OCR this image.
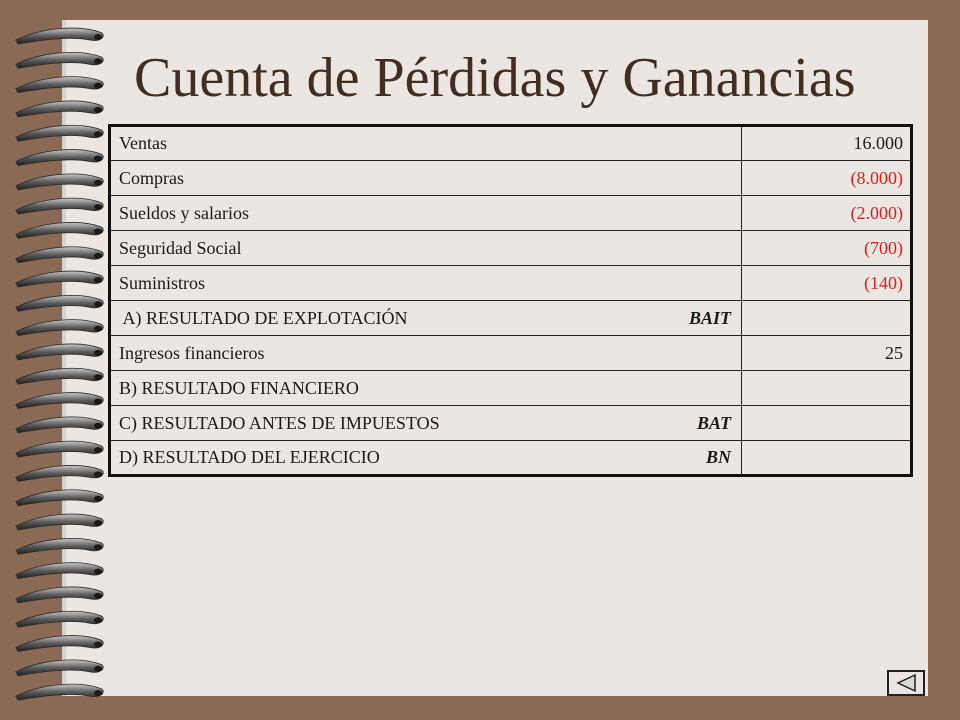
Cuenta de Pérdidas y Ganancias
Ventas	16.000
Compras	(8.000)
Sueldos y salarios	(2.000)
Seguridad Social	(700)
Suministros	(140)

A) RESULTADO DE EXPLOTACIÓN BAIT	

Ingresos financieros	25
B) RESULTADO FINANCIERO	

C) RESULTADO ANTES DE IMPUESTOS BAT	

D) RESULTADO DEL EJERCICIO BN	
